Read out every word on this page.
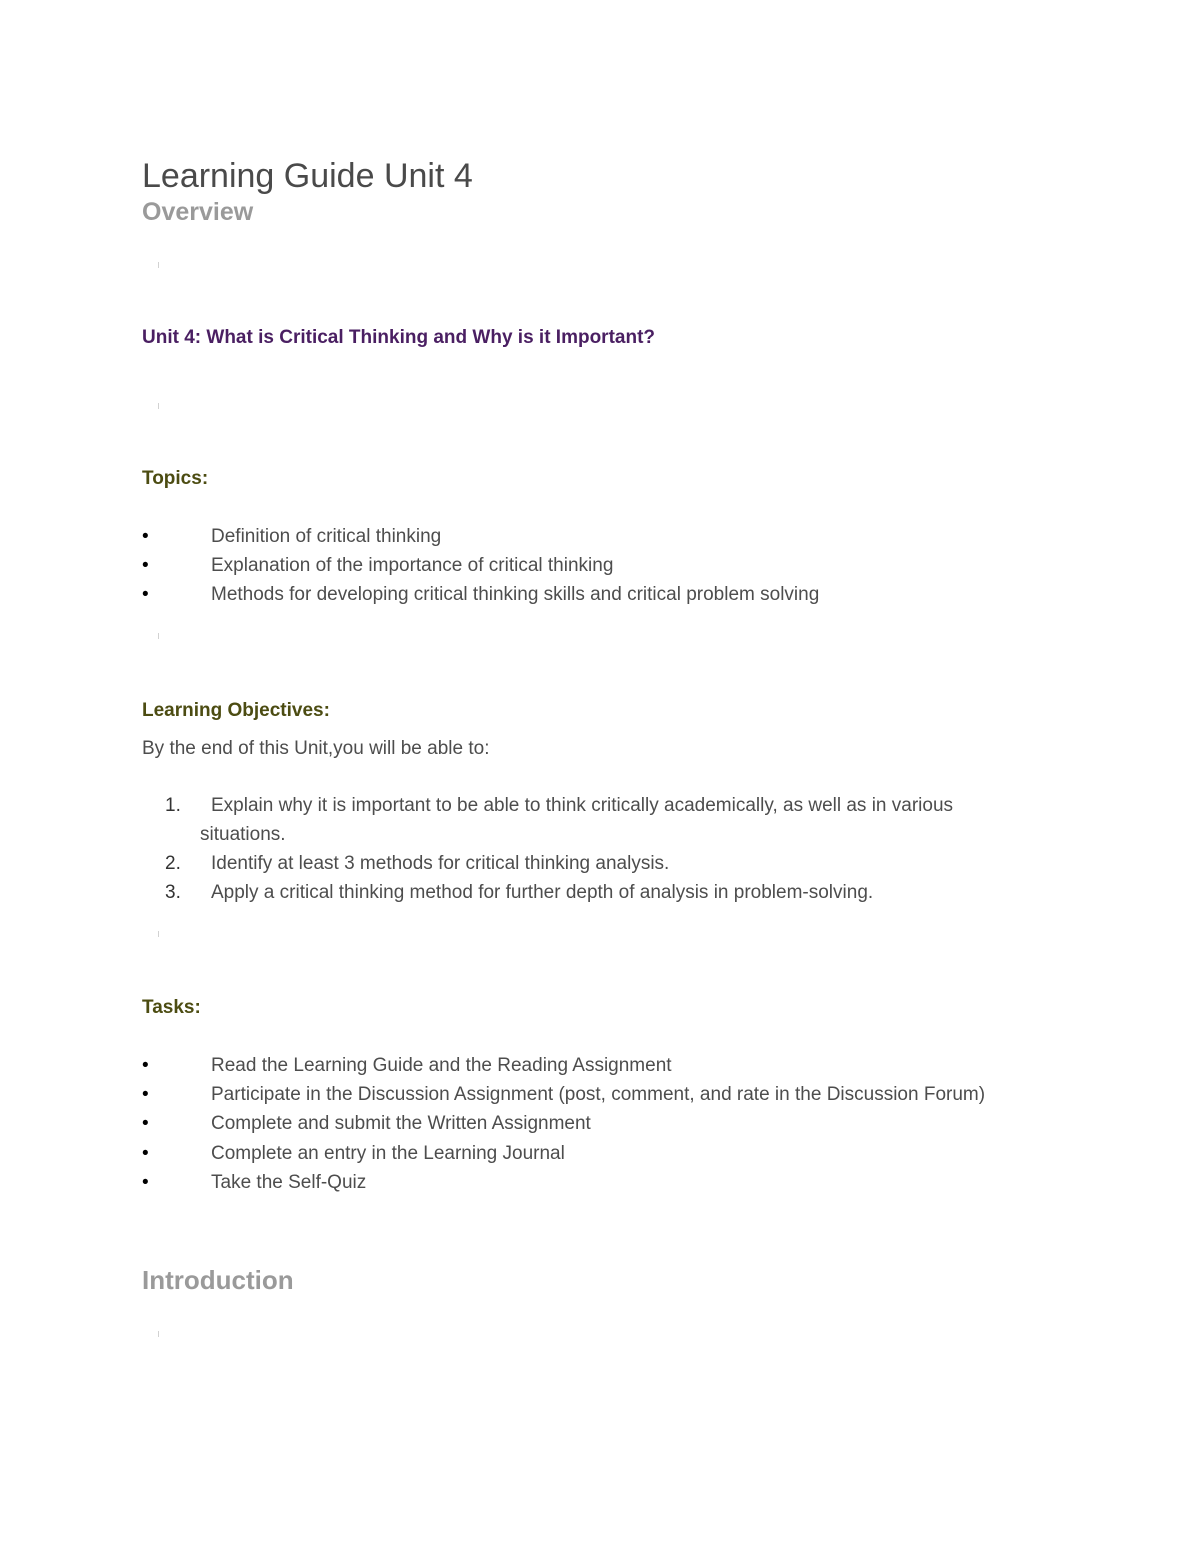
Learning Guide Unit 4
Overview
Unit 4: What is Critical Thinking and Why is it Important?
Topics:
•	Definition of critical thinking
•	Explanation of the importance of critical thinking
•	Methods for developing critical thinking skills and critical problem solving
Learning Objectives:
By the end of this Unit,you will be able to:
1. Explain why it is important to be able to think critically academically, as well as in various
situations.
2. Identify at least 3 methods for critical thinking analysis.
3. Apply a critical thinking method for further depth of analysis in problem-solving.
Tasks:
•	Read the Learning Guide and the Reading Assignment
•	Participate in the Discussion Assignment (post, comment, and rate in the Discussion Forum)
•	Complete and submit the Written Assignment
•	Complete an entry in the Learning Journal
•	Take the Self-Quiz
Introduction
